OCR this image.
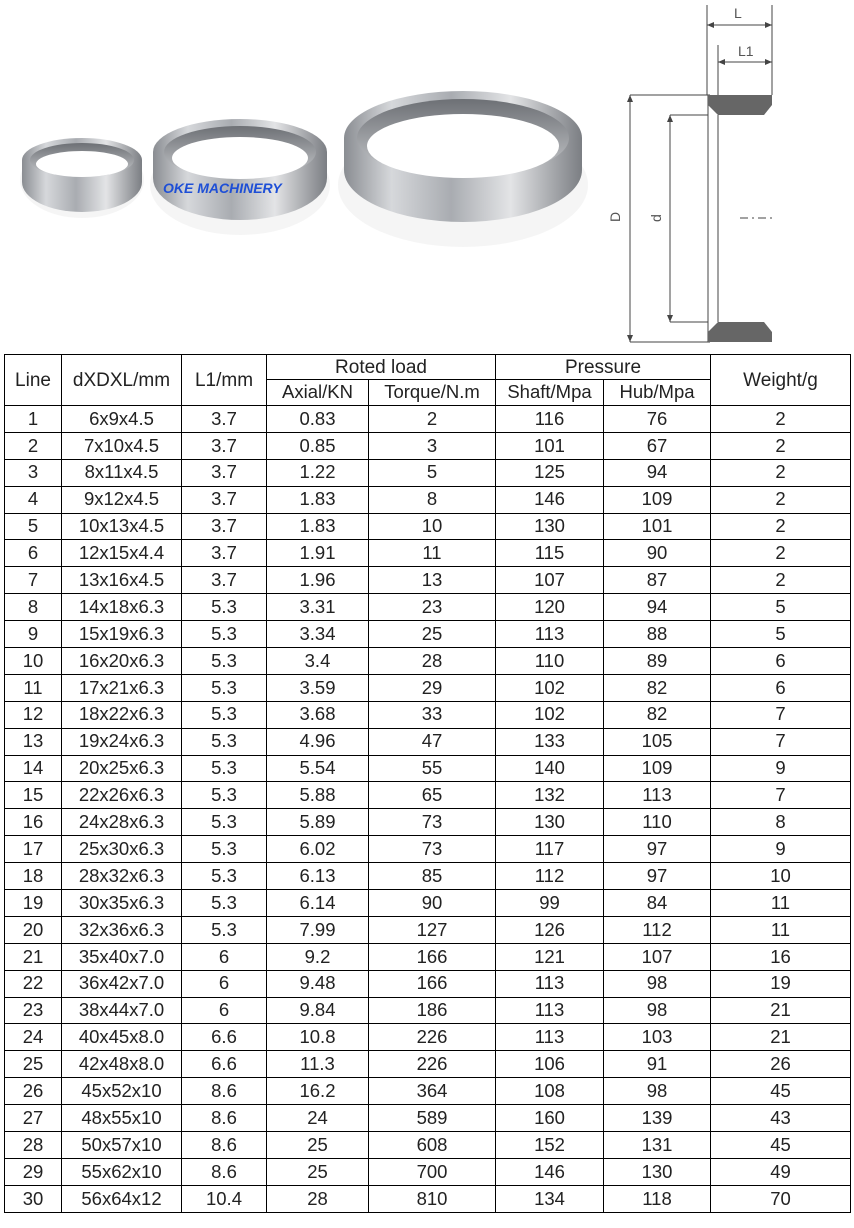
OKE MACHINERY
L
L1
D d
Line	dXDXL/mm	L1/mm	Roted load		Pressure		Weight/g
			Axial/KN	Torque/N.m	Shaft/Mpa	Hub/Mpa	
1	6x9x4.5	3.7	0.83	2	116	76	2
2	7x10x4.5	3.7	0.85	3	101	67	2
3	8x11x4.5	3.7	1.22	5	125	94	2
4	9x12x4.5	3.7	1.83	8	146	109	2
5	10x13x4.5	3.7	1.83	10	130	101	2
6	12x15x4.4	3.7	1.91	11	115	90	2
7	13x16x4.5	3.7	1.96	13	107	87	2
8	14x18x6.3	5.3	3.31	23	120	94	5
9	15x19x6.3	5.3	3.34	25	113	88	5
10	16x20x6.3	5.3	3.4	28	110	89	6
11	17x21x6.3	5.3	3.59	29	102	82	6
12	18x22x6.3	5.3	3.68	33	102	82	7
13	19x24x6.3	5.3	4.96	47	133	105	7
14	20x25x6.3	5.3	5.54	55	140	109	9
15	22x26x6.3	5.3	5.88	65	132	113	7
16	24x28x6.3	5.3	5.89	73	130	110	8
17	25x30x6.3	5.3	6.02	73	117	97	9
18	28x32x6.3	5.3	6.13	85	112	97	10
19	30x35x6.3	5.3	6.14	90	99	84	11
20	32x36x6.3	5.3	7.99	127	126	112	11
21	35x40x7.0	6	9.2	166	121	107	16
22	36x42x7.0	6	9.48	166	113	98	19
23	38x44x7.0	6	9.84	186	113	98	21
24	40x45x8.0	6.6	10.8	226	113	103	21
25	42x48x8.0	6.6	11.3	226	106	91	26
26	45x52x10	8.6	16.2	364	108	98	45
27	48x55x10	8.6	24	589	160	139	43
28	50x57x10	8.6	25	608	152	131	45
29	55x62x10	8.6	25	700	146	130	49
30	56x64x12	10.4	28	810	134	118	70
